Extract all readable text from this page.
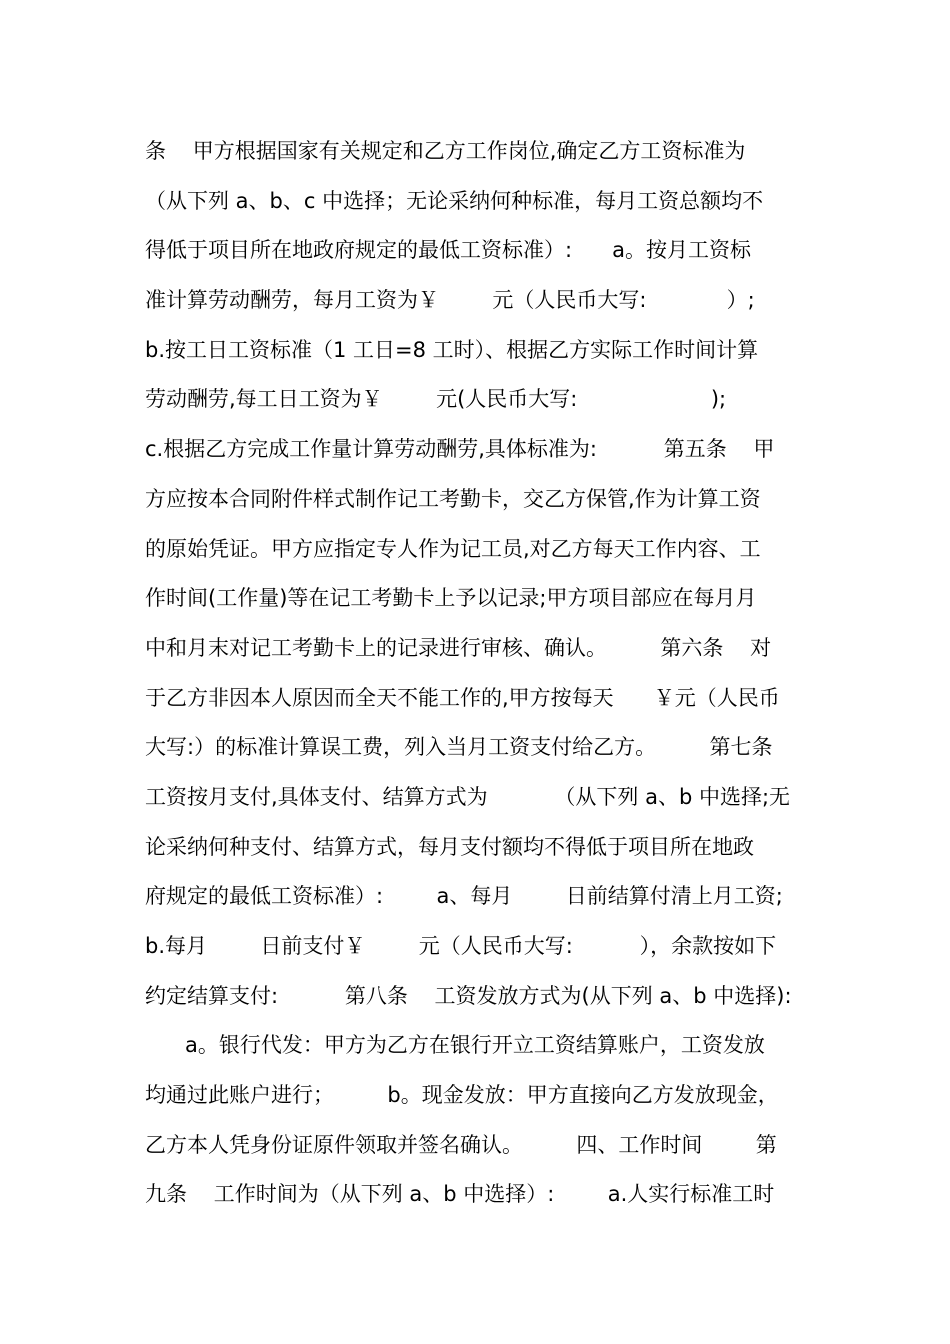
条    甲方根据国家有关规定和乙方工作岗位,确定乙方工资标准为
（从下列 a、b、c 中选择；无论采纳何种标准，每月工资总额均不
得低于项目所在地政府规定的最低工资标准）:      a。按月工资标
准计算劳动酬劳，每月工资为￥        元（人民币大写:            ）;
b.按工日工资标准（1 工日=8 工时）、根据乙方实际工作时间计算
劳动酬劳,每工日工资为￥        元(人民币大写:                    );
c.根据乙方完成工作量计算劳动酬劳,具体标准为:          第五条    甲
方应按本合同附件样式制作记工考勤卡，交乙方保管,作为计算工资
的原始凭证。甲方应指定专人作为记工员,对乙方每天工作内容、工
作时间(工作量)等在记工考勤卡上予以记录;甲方项目部应在每月月
中和月末对记工考勤卡上的记录进行审核、确认。        第六条    对
于乙方非因本人原因而全天不能工作的,甲方按每天      ￥元（人民币
大写:）的标准计算误工费，列入当月工资支付给乙方。        第七条
工资按月支付,具体支付、结算方式为          （从下列 a、b 中选择;无
论采纳何种支付、结算方式，每月支付额均不得低于项目所在地政
府规定的最低工资标准）:        a、每月        日前结算付清上月工资;
b.每月        日前支付￥        元（人民币大写:          ），余款按如下
约定结算支付:          第八条    工资发放方式为(从下列 a、b 中选择):
a。银行代发：甲方为乙方在银行开立工资结算账户，工资发放
均通过此账户进行；        b。现金发放：甲方直接向乙方发放现金，
乙方本人凭身份证原件领取并签名确认。        四、工作时间        第
九条    工作时间为（从下列 a、b 中选择）:        a.人实行标准工时
